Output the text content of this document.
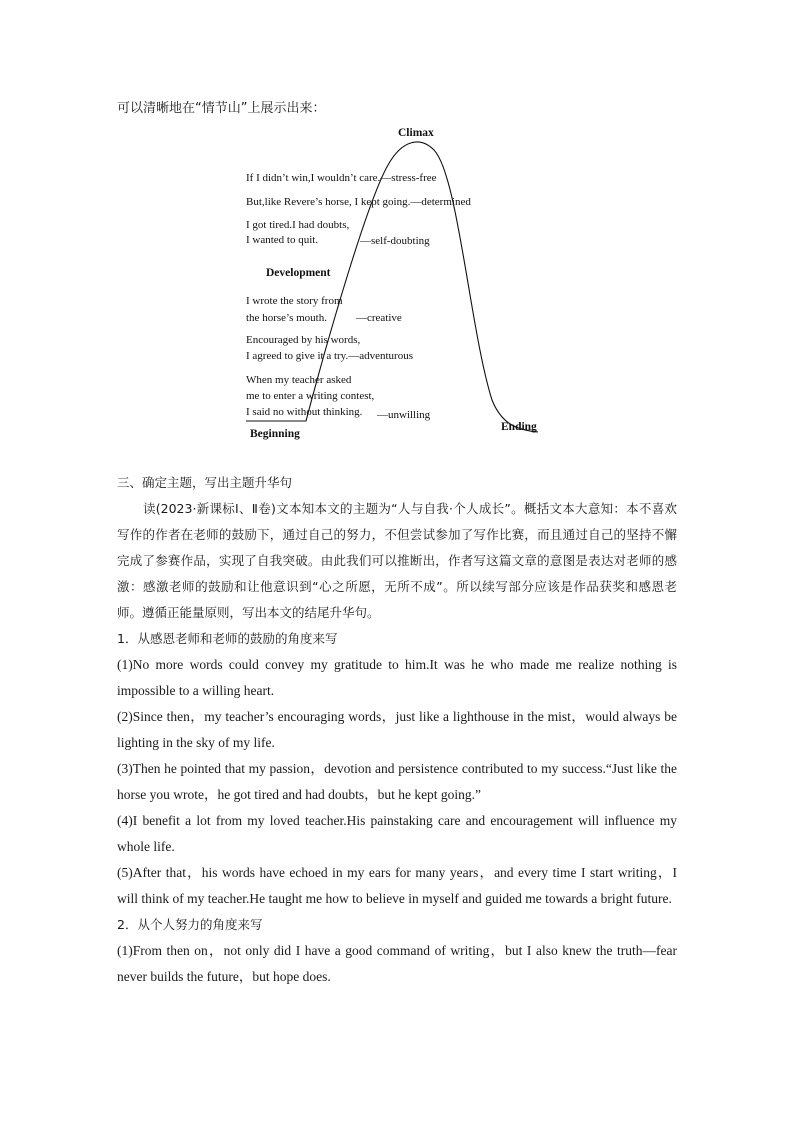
可以清晰地在“情节山”上展示出来：
Climax
Development
Beginning
Ending
If I didn’t win,I wouldn’t care.—stress-free
But,like Revere’s horse, I kept going.—determined
I got tired.I had doubts,
I wanted to quit.	—self-doubting
I wrote the story from
the horse’s mouth.	—creative
Encouraged by his words,
I agreed to give it a try.—adventurous
When my teacher asked
me to enter a writing contest,
I said no without thinking. —unwilling

三、确定主题，写出主题升华句

读(2023·新课标Ⅰ、Ⅱ卷)文本知本文的主题为“人与自我·个人成长”。概括文本大意知：本不喜欢写作的作者在老师的鼓励下，通过自己的努力，不但尝试参加了写作比赛，而且通过自己的坚持不懈完成了参赛作品，实现了自我突破。由此我们可以推断出，作者写这篇文章的意图是表达对老师的感激：感激老师的鼓励和让他意识到“心之所愿，无所不成”。所以续写部分应该是作品获奖和感恩老师。遵循正能量原则，写出本文的结尾升华句。

1．从感恩老师和老师的鼓励的角度来写

(1)No more words could convey my gratitude to him.It was he who made me realize nothing is impossible to a willing heart.

(2)Since then，my teacher’s encouraging words，just like a lighthouse in the mist，would always be lighting in the sky of my life.

(3)Then he pointed that my passion，devotion and persistence contributed to my success.“Just like the horse you wrote，he got tired and had doubts，but he kept going.”

(4)I benefit a lot from my loved teacher.His painstaking care and encouragement will influence my whole life.

(5)After that，his words have echoed in my ears for many years，and every time I start writing，I will think of my teacher.He taught me how to believe in myself and guided me towards a bright future.

2．从个人努力的角度来写

(1)From then on，not only did I have a good command of writing，but I also knew the truth—fear never builds the future，but hope does.
